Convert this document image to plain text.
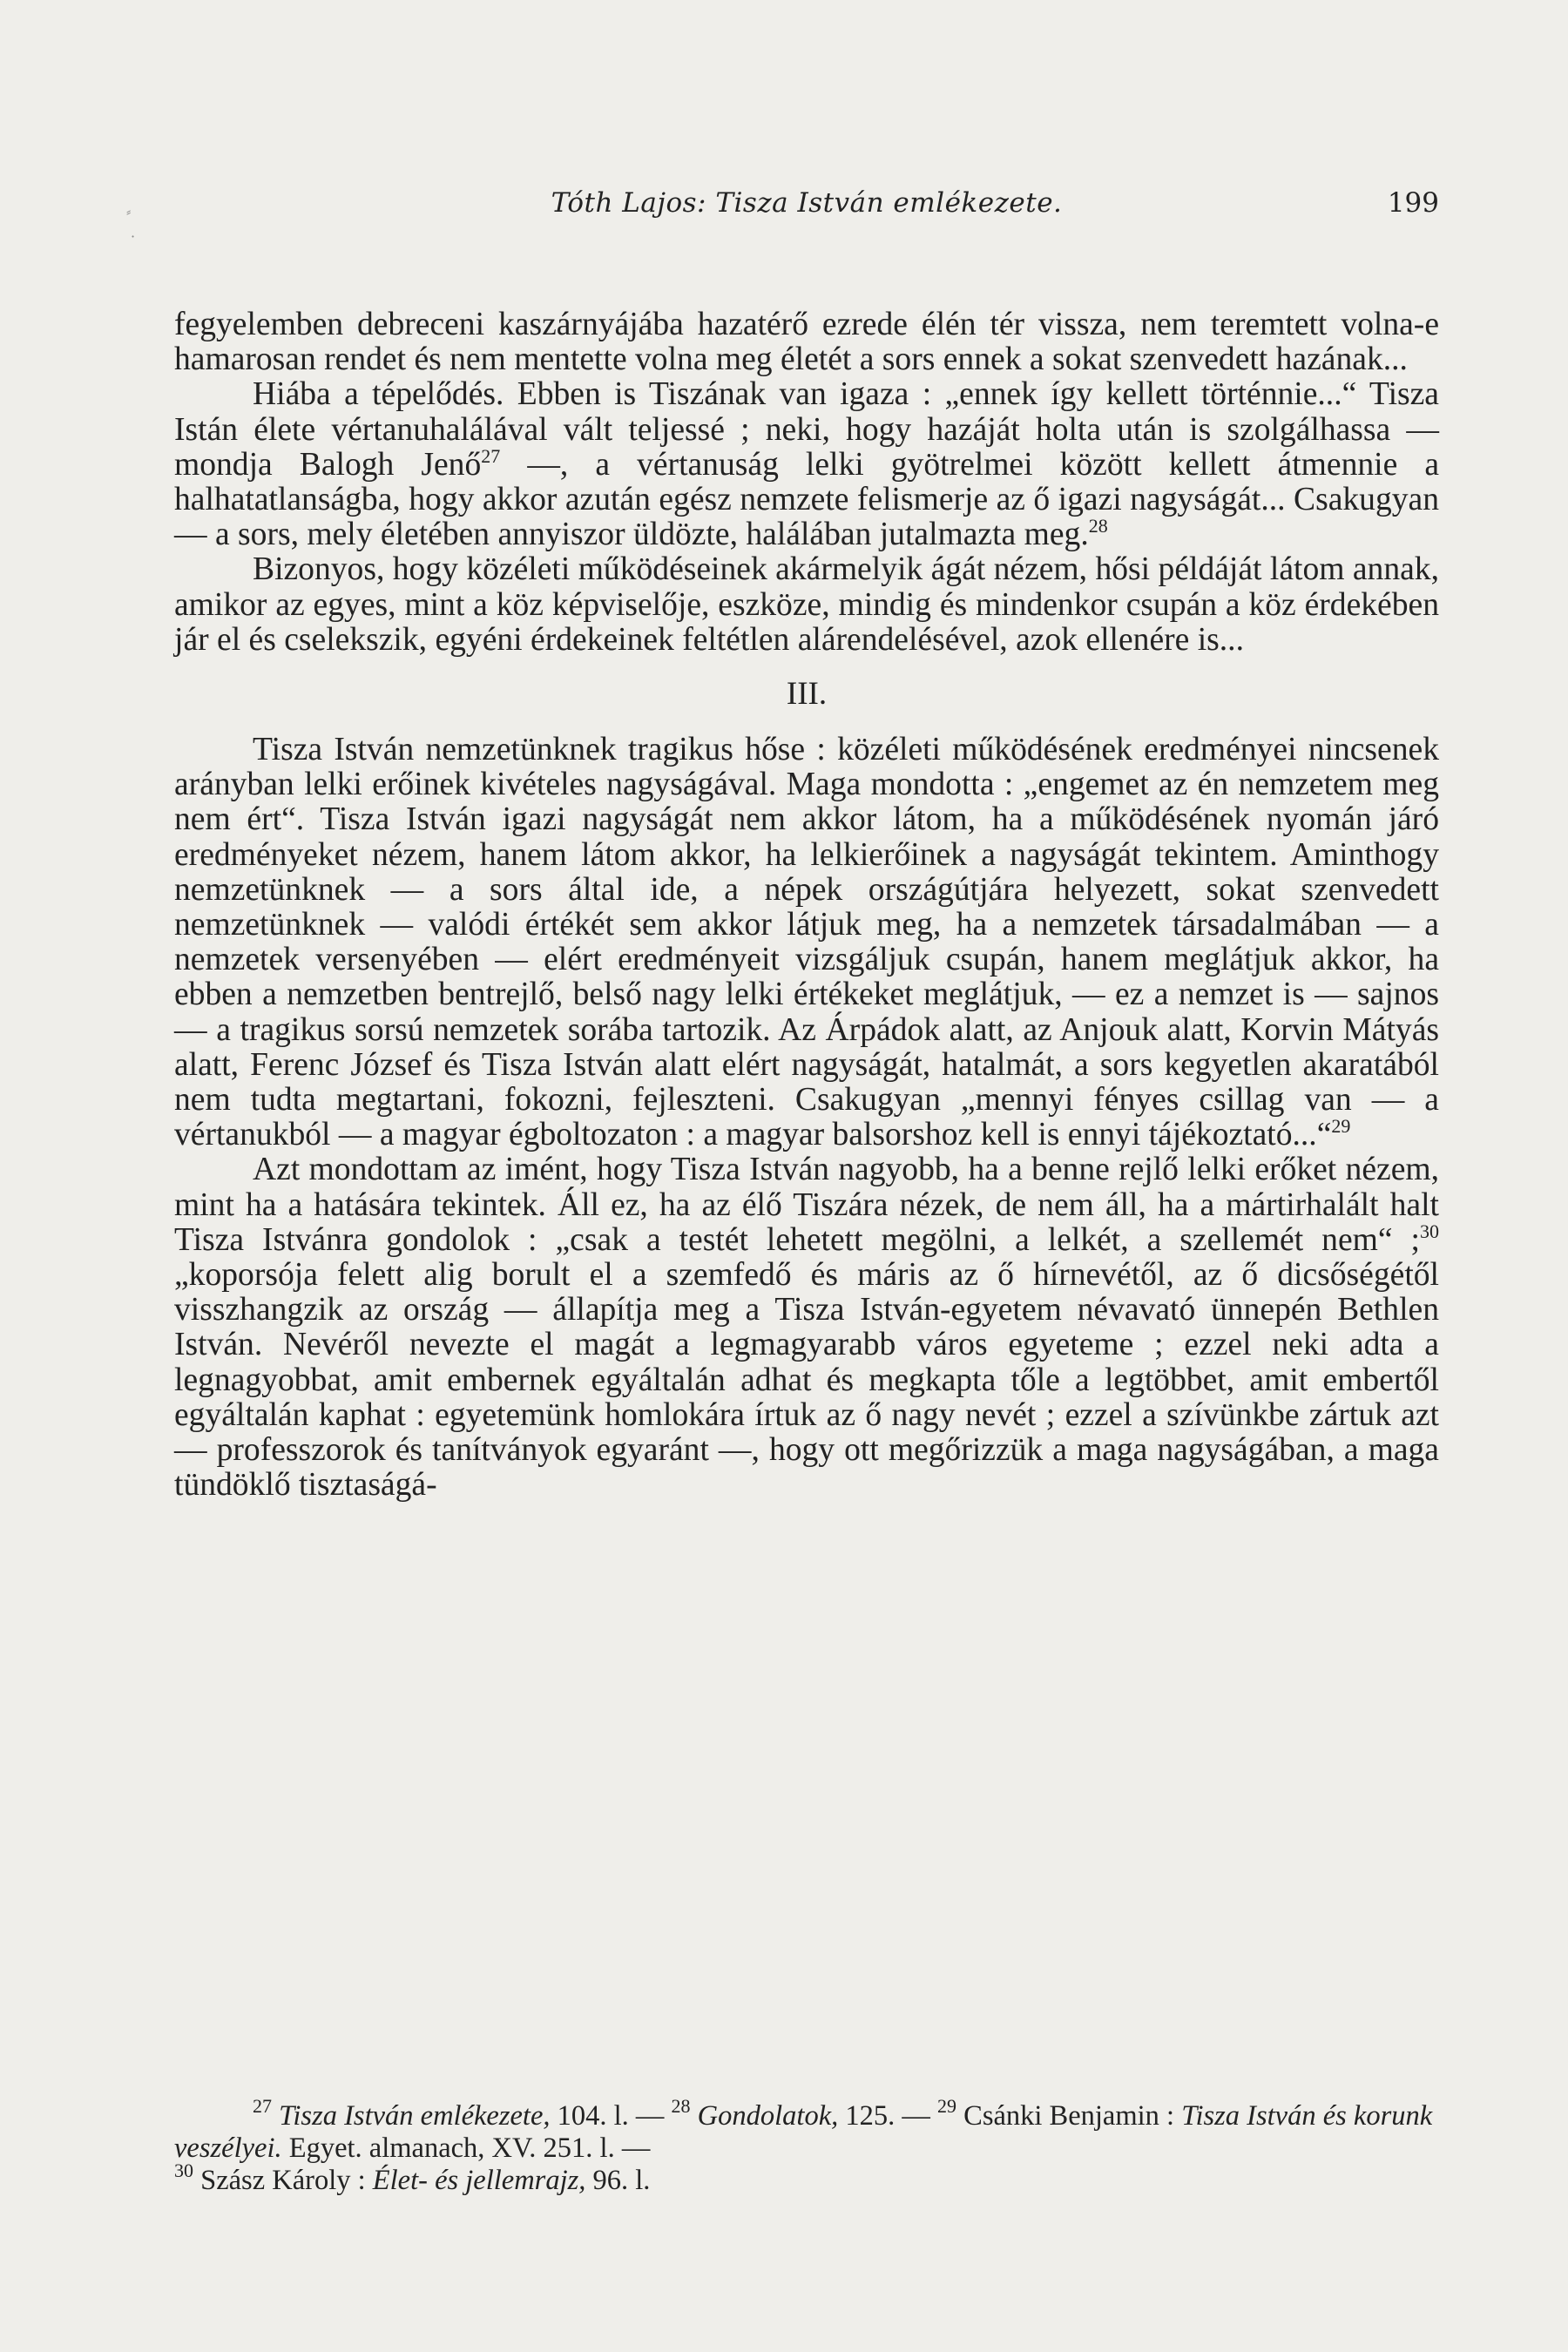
⸗
·
Tóth Lajos: Tisza István emlékezete.	199

fegyelemben debreceni kaszárnyájába hazatérő ezrede élén tér vissza, nem teremtett volna-e hamarosan rendet és nem mentette volna meg életét a sors ennek a sokat szenvedett hazának...

Hiába a tépelődés. Ebben is Tiszának van igaza : „ennek így kellett történnie...“ Tisza Istán élete vértanuhalálával vált teljessé ; neki, hogy hazáját holta után is szolgálhassa — mondja Balogh Jenő$^{27}$ —, a vértanuság lelki gyötrelmei között kellett átmennie a halhatatlanságba, hogy akkor azután egész nemzete felismerje az ő igazi nagyságát... Csakugyan — a sors, mely életében annyiszor üldözte, halálában jutalmazta meg.$^{28}$

Bizonyos, hogy közéleti működéseinek akármelyik ágát nézem, hősi példáját látom annak, amikor az egyes, mint a köz képviselője, eszköze, mindig és mindenkor csupán a köz érdekében jár el és cselekszik, egyéni érdekeinek feltétlen alárendelésével, azok ellenére is...

III.

Tisza István nemzetünknek tragikus hőse : közéleti működésének eredményei nincsenek arányban lelki erőinek kivételes nagyságával. Maga mondotta : „engemet az én nemzetem meg nem ért“. Tisza István igazi nagyságát nem akkor látom, ha a működésének nyomán járó eredményeket nézem, hanem látom akkor, ha lelkierőinek a nagyságát tekintem. Aminthogy nemzetünknek — a sors által ide, a népek országútjára helyezett, sokat szenvedett nemzetünknek — valódi értékét sem akkor látjuk meg, ha a nemzetek társadalmában — a nemzetek versenyében — elért eredményeit vizsgáljuk csupán, hanem meglátjuk akkor, ha ebben a nemzetben bentrejlő, belső nagy lelki értékeket meglátjuk, — ez a nemzet is — sajnos — a tragikus sorsú nemzetek sorába tartozik. Az Árpádok alatt, az Anjouk alatt, Korvin Mátyás alatt, Ferenc József és Tisza István alatt elért nagyságát, hatalmát, a sors kegyetlen akaratából nem tudta megtartani, fokozni, fejleszteni. Csakugyan „mennyi fényes csillag van — a vértanukból — a magyar égboltozaton : a magyar balsorshoz kell is ennyi tájékoztató...“$^{29}$

Azt mondottam az imént, hogy Tisza István nagyobb, ha a benne rejlő lelki erőket nézem, mint ha a hatására tekintek. Áll ez, ha az élő Tiszára nézek, de nem áll, ha a mártirhalált halt Tisza Istvánra gondolok : „csak a testét lehetett megölni, a lelkét, a szellemét nem“ ;$^{30}$ „koporsója felett alig borult el a szemfedő és máris az ő hírnevétől, az ő dicsőségétől visszhangzik az ország — állapítja meg a Tisza István-egyetem névavató ünnepén Bethlen István. Nevéről nevezte el magát a legmagyarabb város egyeteme ; ezzel neki adta a legnagyobbat, amit embernek egyáltalán adhat és megkapta tőle a legtöbbet, amit embertől egyáltalán kaphat : egyetemünk homlokára írtuk az ő nagy nevét ; ezzel a szívünkbe zártuk azt — professzorok és tanítványok egyaránt —, hogy ott megőrizzük a maga nagyságában, a maga tündöklő tisztaságá-

$^{27}$ Tisza István emlékezete, 104. l. — $^{28}$ Gondolatok, 125. — $^{29}$ Csánki Benjamin : Tisza István és korunk veszélyei. Egyet. almanach, XV. 251. l. —
$^{30}$ Szász Károly : Élet- és jellemrajz, 96. l.
